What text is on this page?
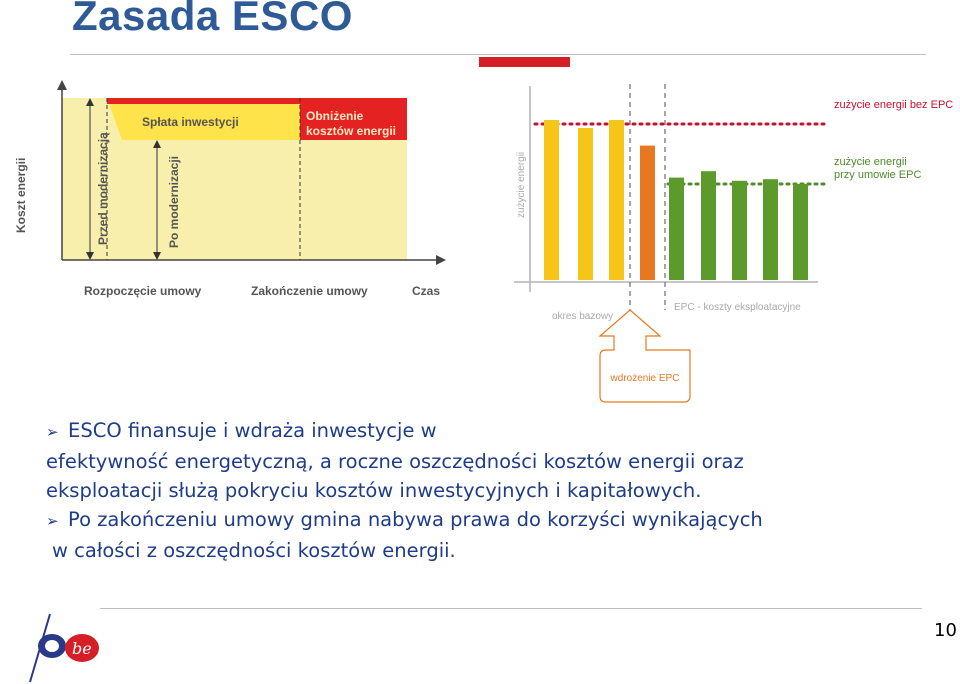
Zasada ESCO
Koszt energii	Przed modernizacją	Po modernizacji
Spłata inwestycji	Obniżenie
kosztów energii
Rozpoczęcie umowy	Zakończenie umowy	Czas
zużycie energii
zużycie energii bez EPC
zużycie energii
przy umowie EPC
okres bazowy
EPC - koszty eksploatacyjne
wdrożenie EPC

➢ ESCO finansuje i wdraża inwestycje w

efektywność energetyczną, a roczne oszczędności kosztów energii oraz

eksploatacji służą pokryciu kosztów inwestycyjnych i kapitałowych.

➢ Po zakończeniu umowy gmina nabywa prawa do korzyści wynikających

w całości z oszczędności kosztów energii.

be
10
